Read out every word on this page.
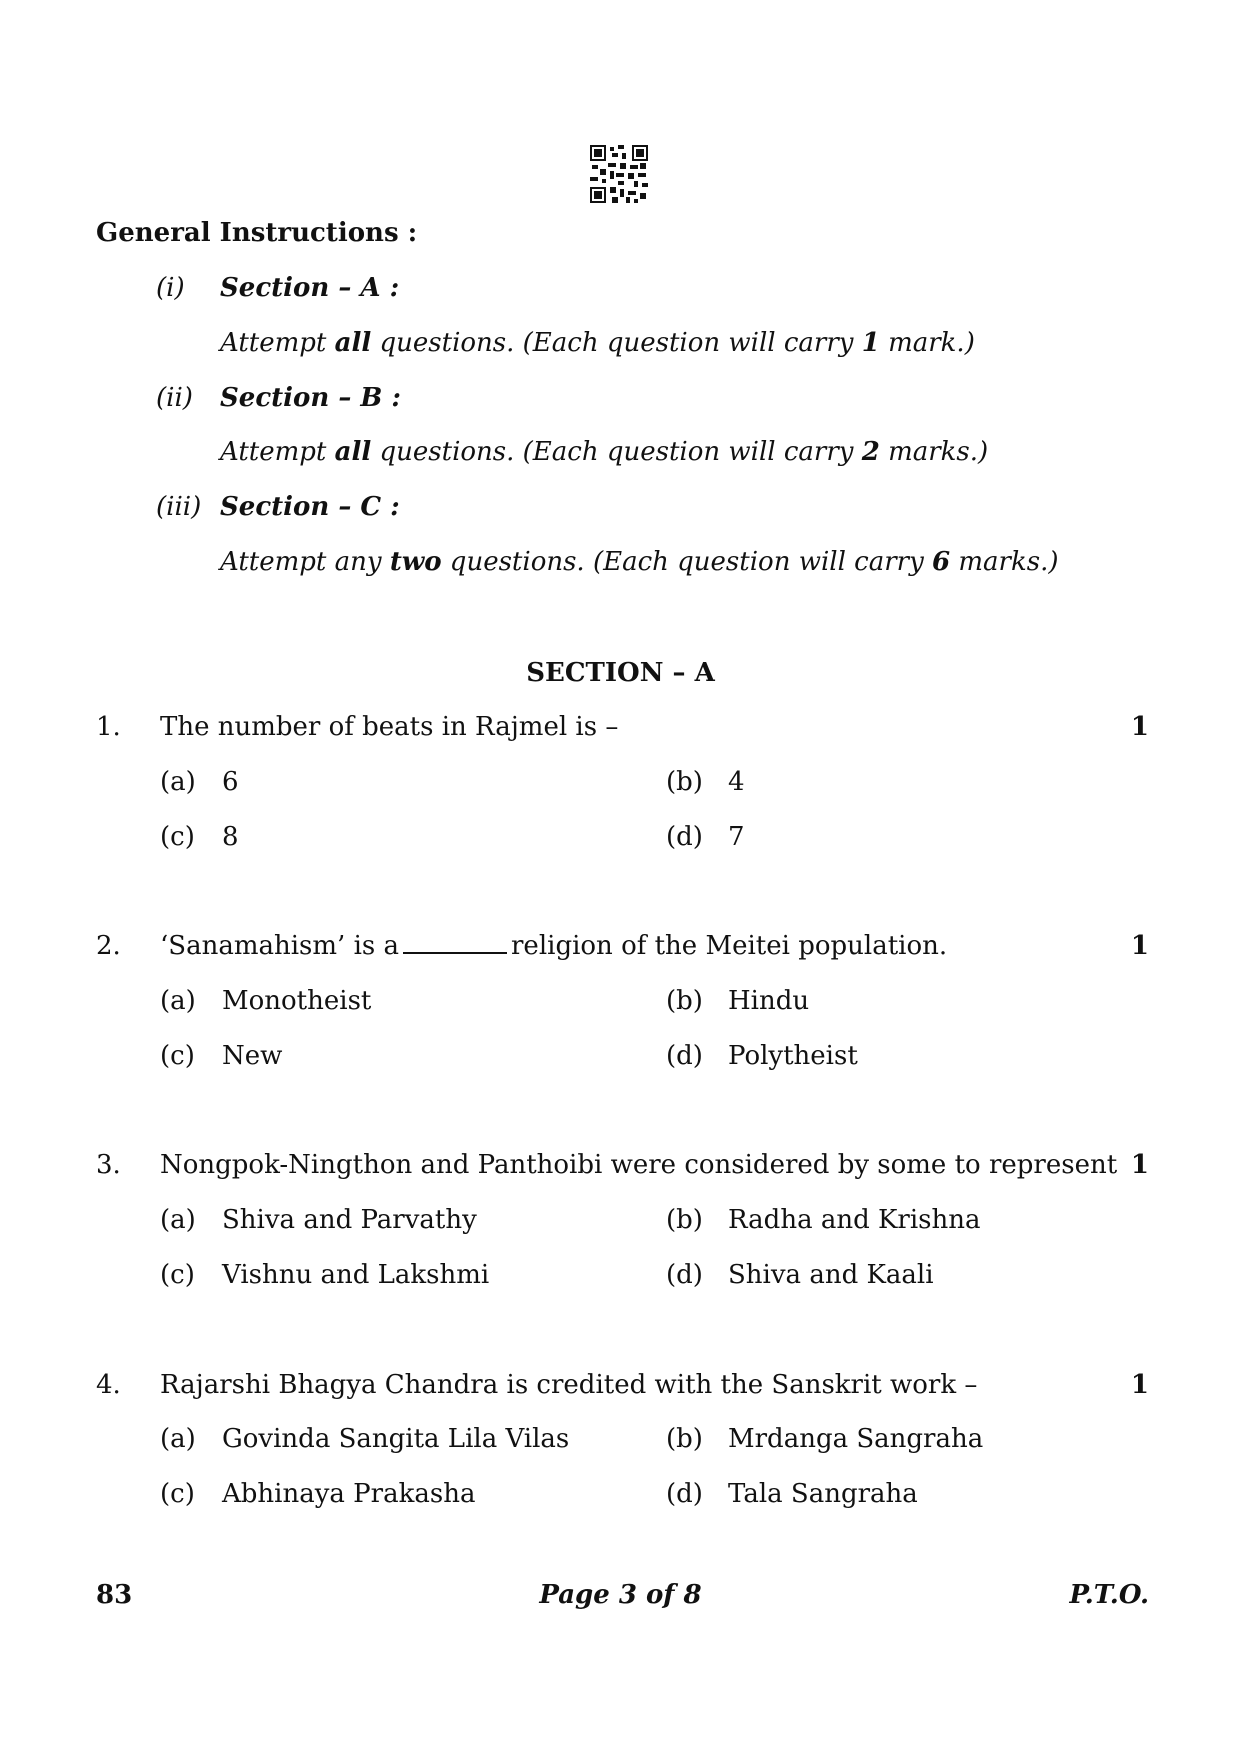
General Instructions :
(i) Section – A :
Attempt all questions. (Each question will carry 1 mark.)
(ii) Section – B :
Attempt all questions. (Each question will carry 2 marks.)
(iii) Section – C :
Attempt any two questions. (Each question will carry 6 marks.)
SECTION – A
1. The number of beats in Rajmel is –	1
(a) 6	(b) 4
(c) 8	(d) 7
2. ‘Sanamahism’ is a	religion of the Meitei population.	1
(a) Monotheist	(b) Hindu
(c) New	(d) Polytheist
3. Nongpok-Ningthon and Panthoibi were considered by some to represent 1
(a) Shiva and Parvathy	(b) Radha and Krishna
(c) Vishnu and Lakshmi	(d) Shiva and Kaali
4. Rajarshi Bhagya Chandra is credited with the Sanskrit work –	1
(a) Govinda Sangita Lila Vilas	(b) Mrdanga Sangraha
(c) Abhinaya Prakasha	(d) Tala Sangraha
83	Page 3 of 8	P.T.O.
